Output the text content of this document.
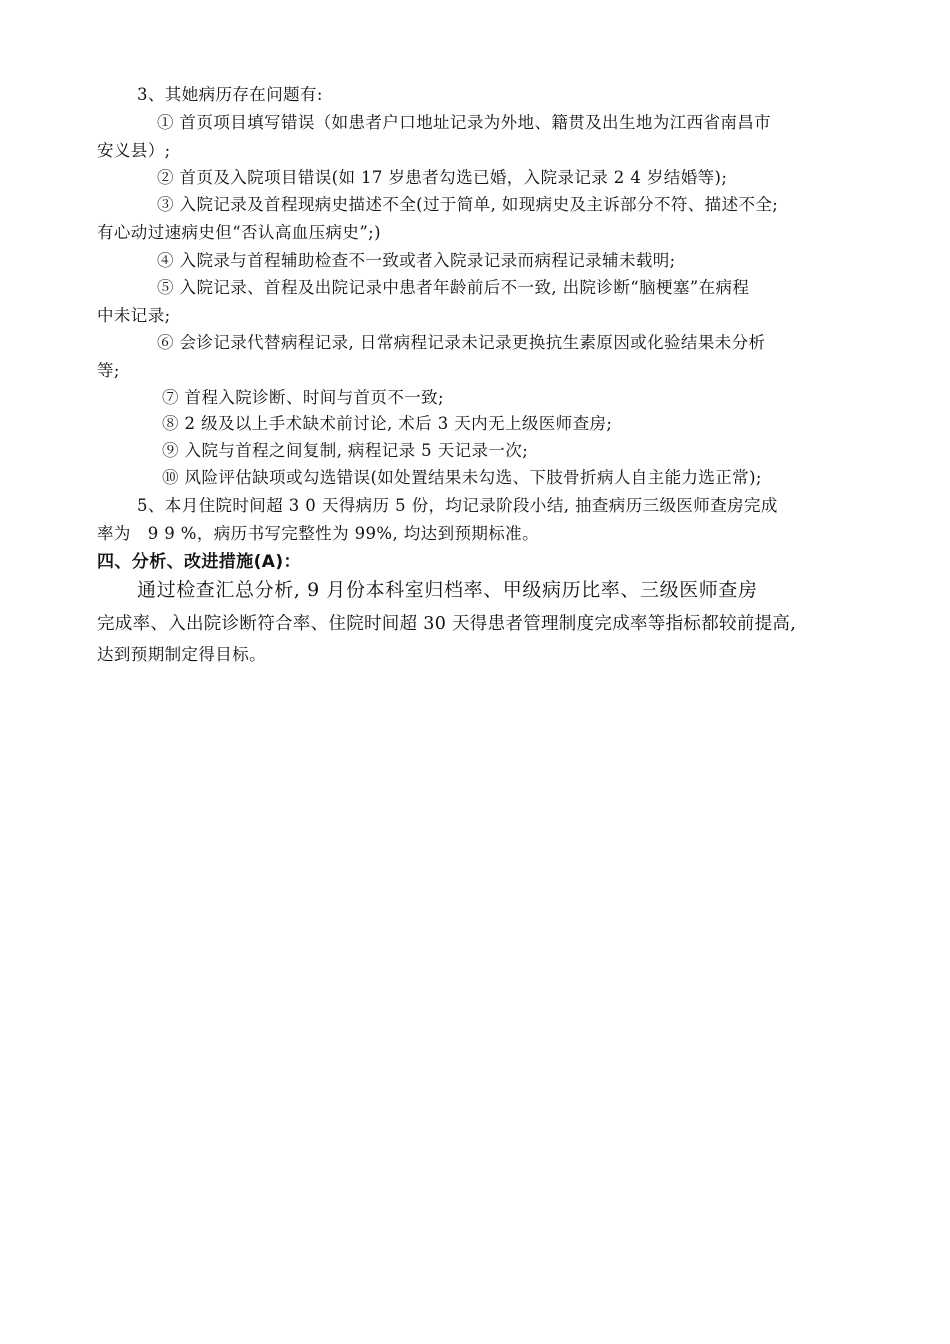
3、其她病历存在问题有:
① 首页项目填写错误（如患者户口地址记录为外地、籍贯及出生地为江西省南昌市
安义县）;
② 首页及入院项目错误(如 17 岁患者勾选已婚，入院录记录 2 4 岁结婚等);
③ 入院记录及首程现病史描述不全(过于简单, 如现病史及主诉部分不符、描述不全;
有心动过速病史但“否认高血压病史”;)
④ 入院录与首程辅助检查不一致或者入院录记录而病程记录辅未载明;
⑤ 入院记录、首程及出院记录中患者年龄前后不一致, 出院诊断“脑梗塞”在病程
中未记录;
⑥ 会诊记录代替病程记录, 日常病程记录未记录更换抗生素原因或化验结果未分析
等;
⑦ 首程入院诊断、时间与首页不一致;
⑧ 2 级及以上手术缺术前讨论, 术后 3 天内无上级医师查房;
⑨ 入院与首程之间复制, 病程记录 5 天记录一次;
⑩ 风险评估缺项或勾选错误(如处置结果未勾选、下肢骨折病人自主能力选正常);
5、本月住院时间超 3 0 天得病历 5 份，均记录阶段小结, 抽查病历三级医师查房完成
率为　9 9 %，病历书写完整性为 99%, 均达到预期标准。
四、分析、改进措施(A)：
通过检查汇总分析, 9 月份本科室归档率、甲级病历比率、三级医师查房
完成率、入出院诊断符合率、住院时间超 30 天得患者管理制度完成率等指标都较前提高,
达到预期制定得目标。
